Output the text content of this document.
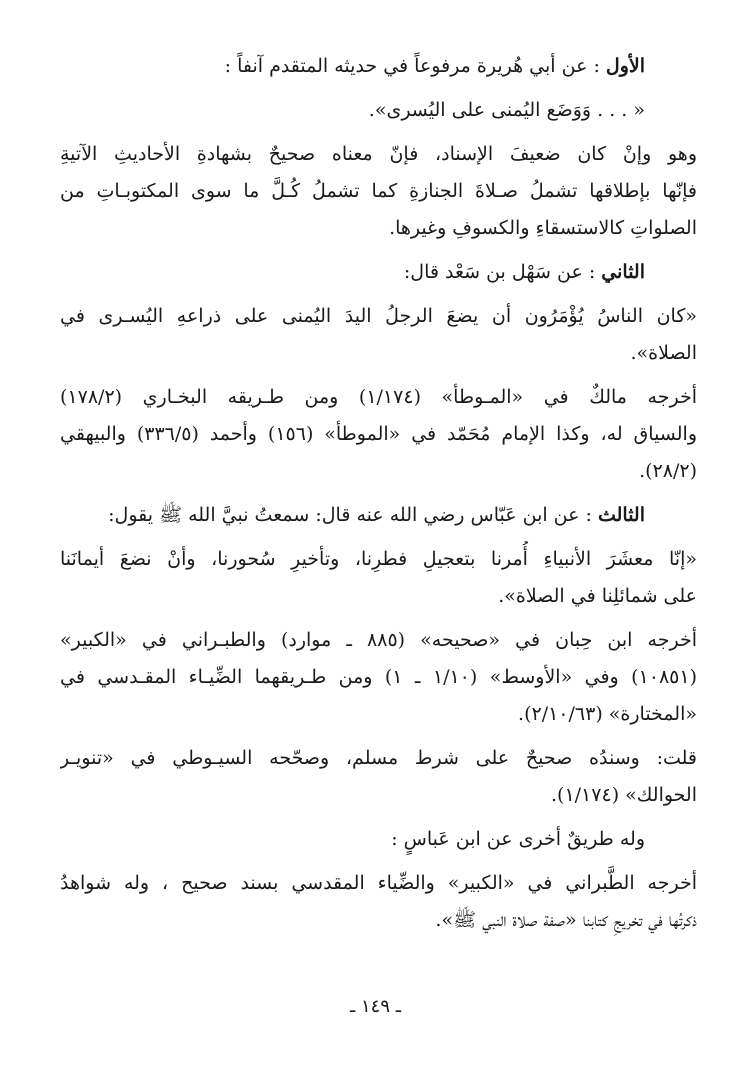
الأول : عن أبي هُريرة مرفوعاً في حديثه المتقدم آنفاً :
« . . . وَوَضَع اليُمنى على اليُسرى».
وهو وإنْ كان ضعيفَ الإسناد، فإنّ معناه صحيحٌ بشهادةِ الأحاديثِ الآتيةِ
فإنّها بإطلاقها تشملُ صـلاةَ الجنازةِ كما تشملُ كُـلَّ ما سوى المكتوبـاتِ من
الصلواتِ كالاستسقاءِ والكسوفِ وغيرها.
الثاني : عن سَهْل بن سَعْد قال:
«كان الناسُ يُؤْمَرُون أن يضعَ الرجلُ اليدَ اليُمنى على ذراعهِ اليُسـرى في
الصلاة».
أخرجه مالكٌ في «المـوطأ» (١/١٧٤) ومن طـريقه البخـاري (١٧٨/٢)
والسياق له، وكذا الإمام مُحَمّد في «الموطأ» (١٥٦) وأحمد (٣٣٦/٥) والبيهقي
(٢٨/٢).
الثالث : عن ابن عَبّاس رضي الله عنه قال: سمعتُ نبيَّ الله ﷺ يقول:
«إنّا معشَرَ الأنبياءِ أُمرنا بتعجيلِ فطرِنا، وتأخيرِ سُحورنا، وأنْ نضعَ أيمانَنا
على شمائلِنا في الصلاة».
أخرجه ابن حِبان في «صحيحه» (٨٨٥ ـ موارد) والطبـراني في «الكبير»
(١٠٨٥١) وفي «الأوسط» (١/١٠ ـ ١) ومن طـريقهما الضِّيـاء المقـدسي في
«المختارة» (٢/١٠/٦٣).
قلت: وسندُه صحيحٌ على شرط مسلم، وصحّحه السيـوطي في «تنويـر
الحوالك» (١/١٧٤).
وله طريقٌ أخرى عن ابن عَباسٍ :
أخرجه الطَّبراني في «الكبير» والضِّياء المقدسي بسند صحيح ، وله شواهدُ
ذكرتُها في تخريجِ كتابنا «صفة صلاة النبي ﷺ».
ـ ١٤٩ ـ
